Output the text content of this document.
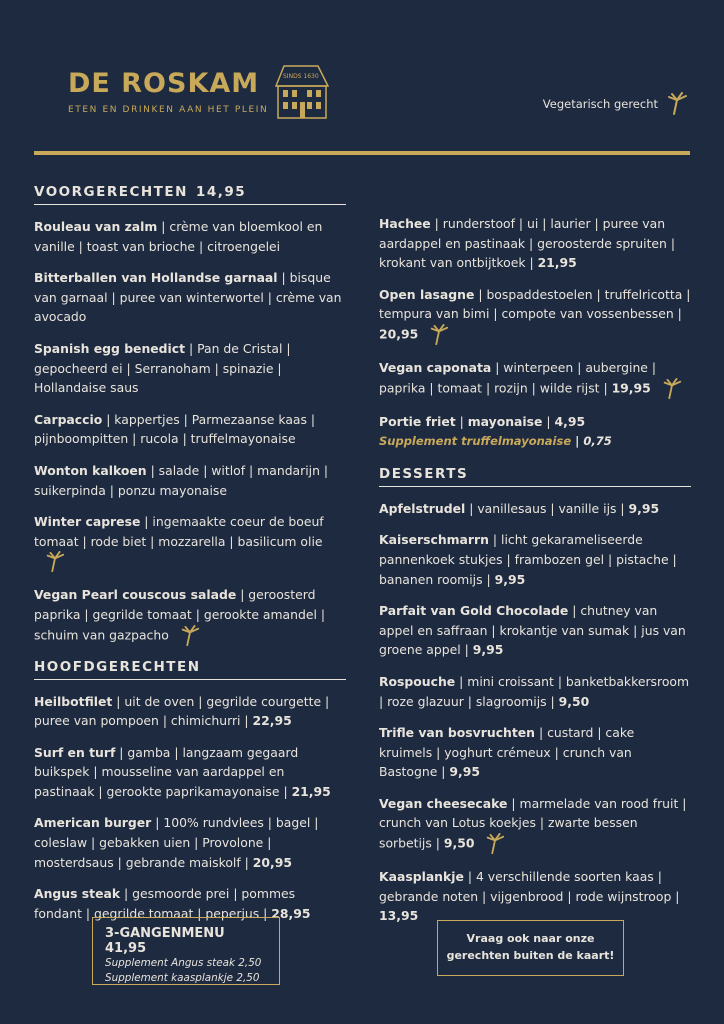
DE ROSKAM
ETEN EN DRINKEN AAN HET PLEIN
SINDS 1630
Vegetarisch gerecht
VOORGERECHTEN 14,95
Rouleau van zalm | crème van bloemkool en vanille | toast van brioche | citroengelei
Bitterballen van Hollandse garnaal | bisque van garnaal | puree van winterwortel | crème van avocado
Spanish egg benedict | Pan de Cristal | gepocheerd ei | Serranoham | spinazie | Hollandaise saus
Carpaccio | kappertjes | Parmezaanse kaas | pijnboompitten | rucola | truffelmayonaise
Wonton kalkoen | salade | witlof | mandarijn | suikerpinda | ponzu mayonaise
Winter caprese | ingemaakte coeur de boeuf tomaat | rode biet | mozzarella | basilicum olie
Vegan Pearl couscous salade | geroosterd paprika | gegrilde tomaat | gerookte amandel | schuim van gazpacho
HOOFDGERECHTEN
Heilbotfilet | uit de oven | gegrilde courgette | puree van pompoen | chimichurri | 22,95
Surf en turf | gamba | langzaam gegaard buikspek | mousseline van aardappel en pastinaak | gerookte paprikamayonaise | 21,95
American burger | 100% rundvlees | bagel | coleslaw | gebakken uien | Provolone | mosterdsaus | gebrande maiskolf | 20,95
Angus steak | gesmoorde prei | pommes fondant | gegrilde tomaat | peperjus | 28,95
Hachee | runderstoof | ui | laurier | puree van aardappel en pastinaak | geroosterde spruiten | krokant van ontbijtkoek | 21,95
Open lasagne | bospaddestoelen | truffelricotta | tempura van bimi | compote van vossenbessen | 20,95
Vegan caponata | winterpeen | aubergine | paprika | tomaat | rozijn | wilde rijst | 19,95
Portie friet | mayonaise | 4,95
Supplement truffelmayonaise | 0,75
DESSERTS
Apfelstrudel | vanillesaus | vanille ijs | 9,95
Kaiserschmarrn | licht gekarameliseerde pannenkoek stukjes | frambozen gel | pistache | bananen roomijs | 9,95
Parfait van Gold Chocolade | chutney van appel en saffraan | krokantje van sumak | jus van groene appel | 9,95
Rospouche | mini croissant | banketbakkersroom | roze glazuur | slagroomijs | 9,50
Trifle van bosvruchten | custard | cake kruimels | yoghurt crémeux | crunch van Bastogne | 9,95
Vegan cheesecake | marmelade van rood fruit | crunch van Lotus koekjes | zwarte bessen sorbetijs | 9,50
Kaasplankje | 4 verschillende soorten kaas | gebrande noten | vijgenbrood | rode wijnstroop | 13,95
3-GANGENMENU 41,95
Supplement Angus steak 2,50
Supplement kaasplankje 2,50
Vraag ook naar onze
gerechten buiten de kaart!
